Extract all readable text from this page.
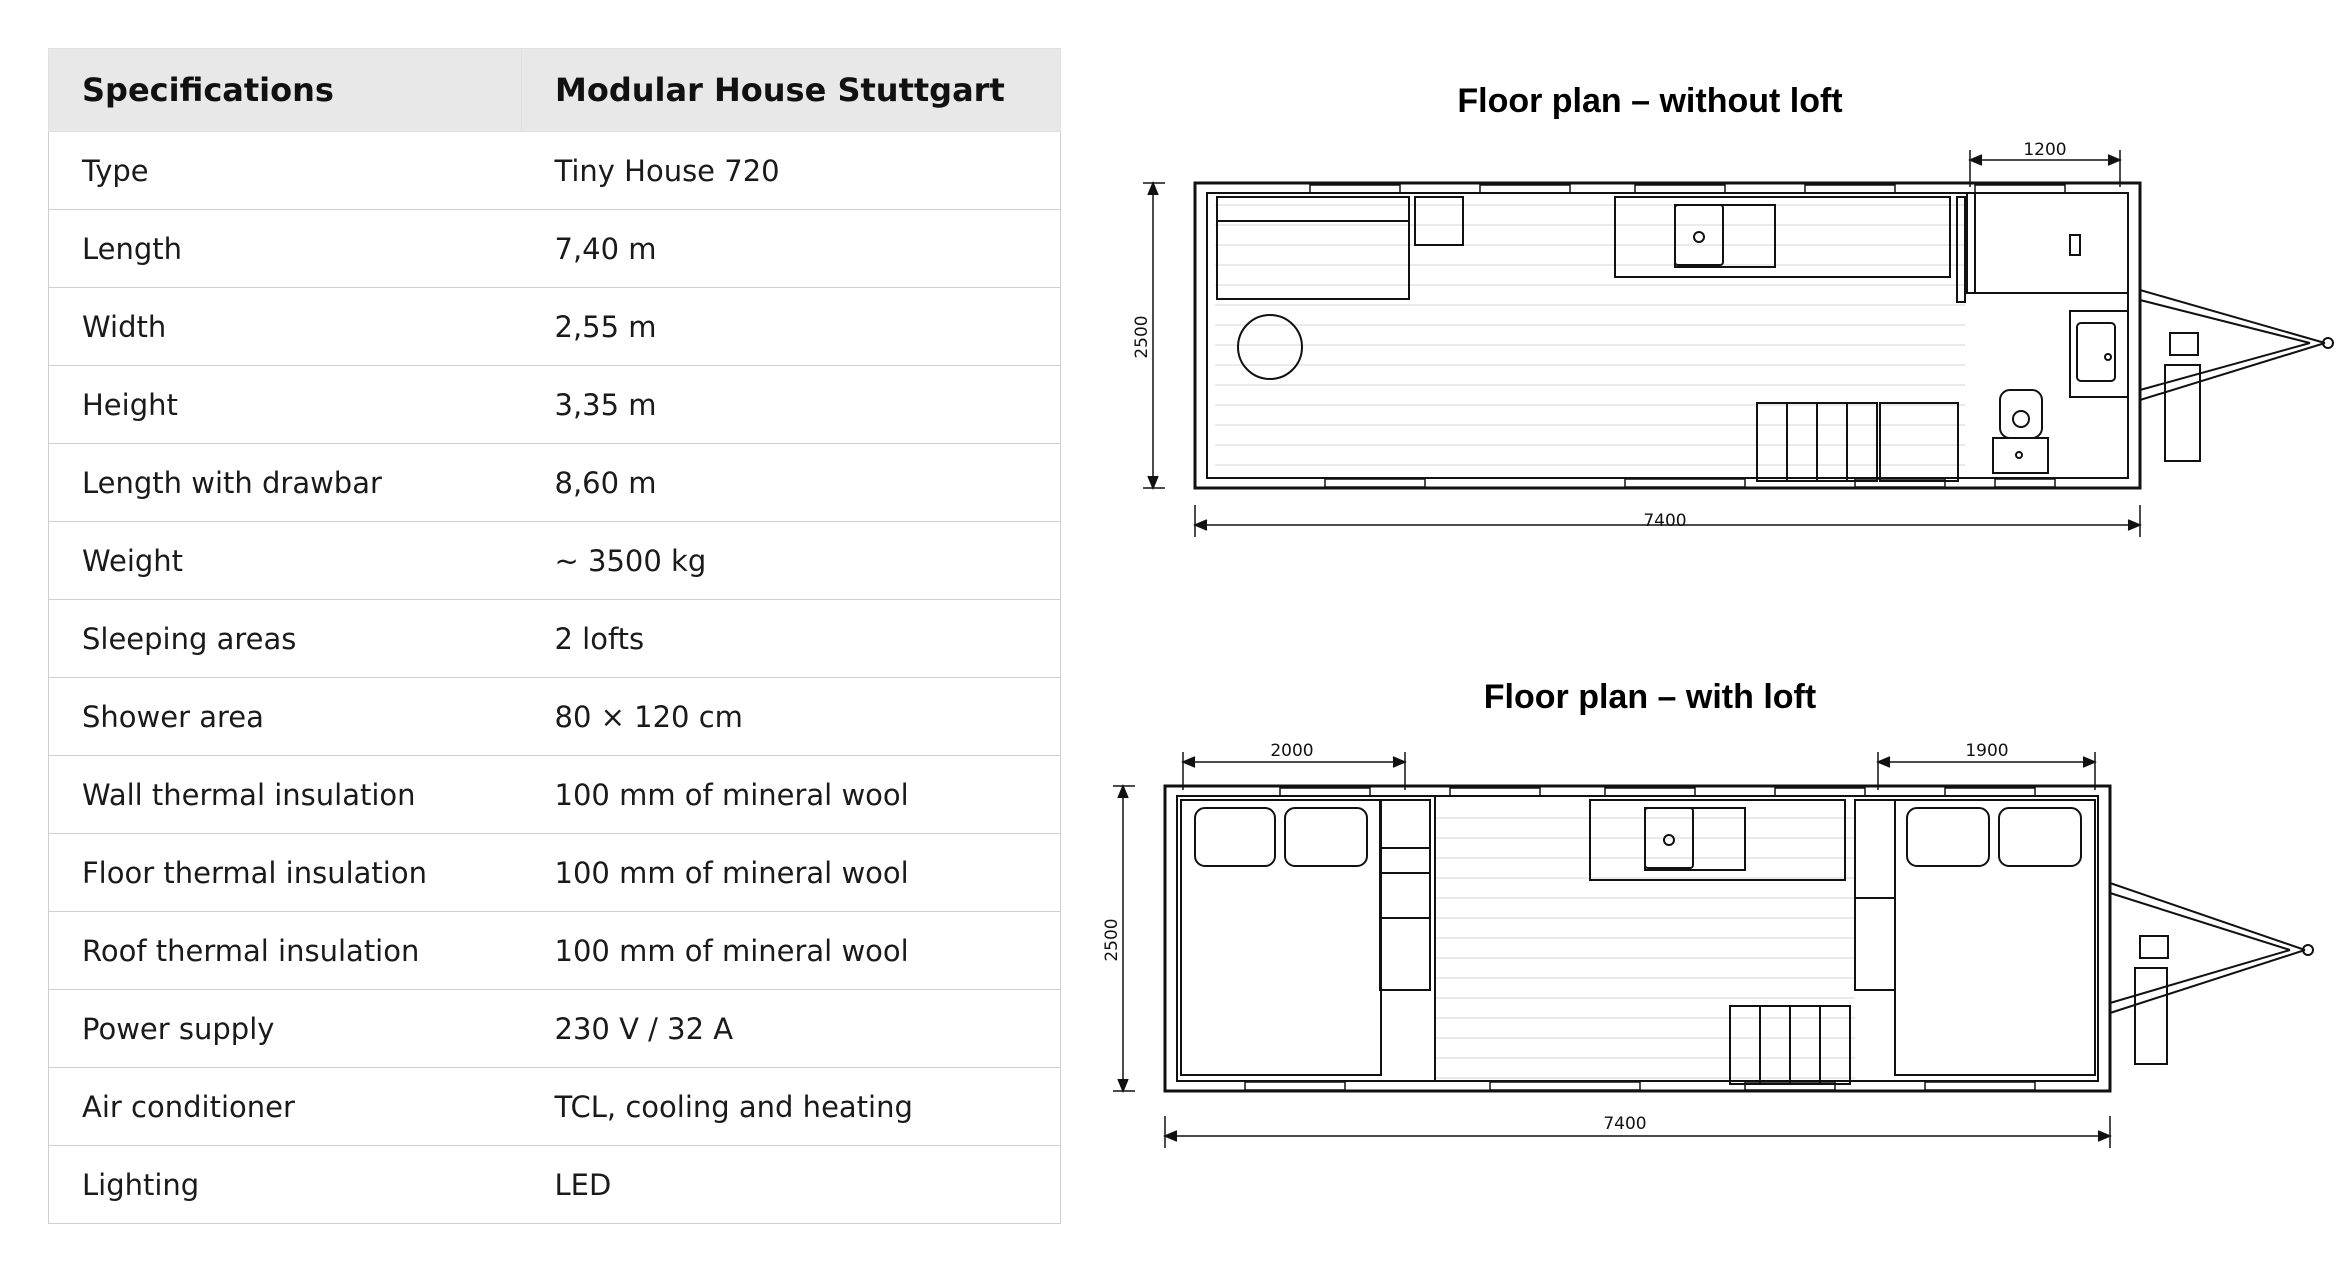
Specifications	Modular House Stuttgart
Type	Tiny House 720
Length	7,40 m
Width	2,55 m
Height	3,35 m
Length with drawbar	8,60 m
Weight	~ 3500 kg
Sleeping areas	2 lofts
Shower area	80 × 120 cm
Wall thermal insulation	100 mm of mineral wool
Floor thermal insulation	100 mm of mineral wool
Roof thermal insulation	100 mm of mineral wool
Power supply	230 V / 32 A
Air conditioner	TCL, cooling and heating
Lighting	LED
Floor plan – without loft
7400
2500
1200
Floor plan – with loft
7400
2500
2000	1900
